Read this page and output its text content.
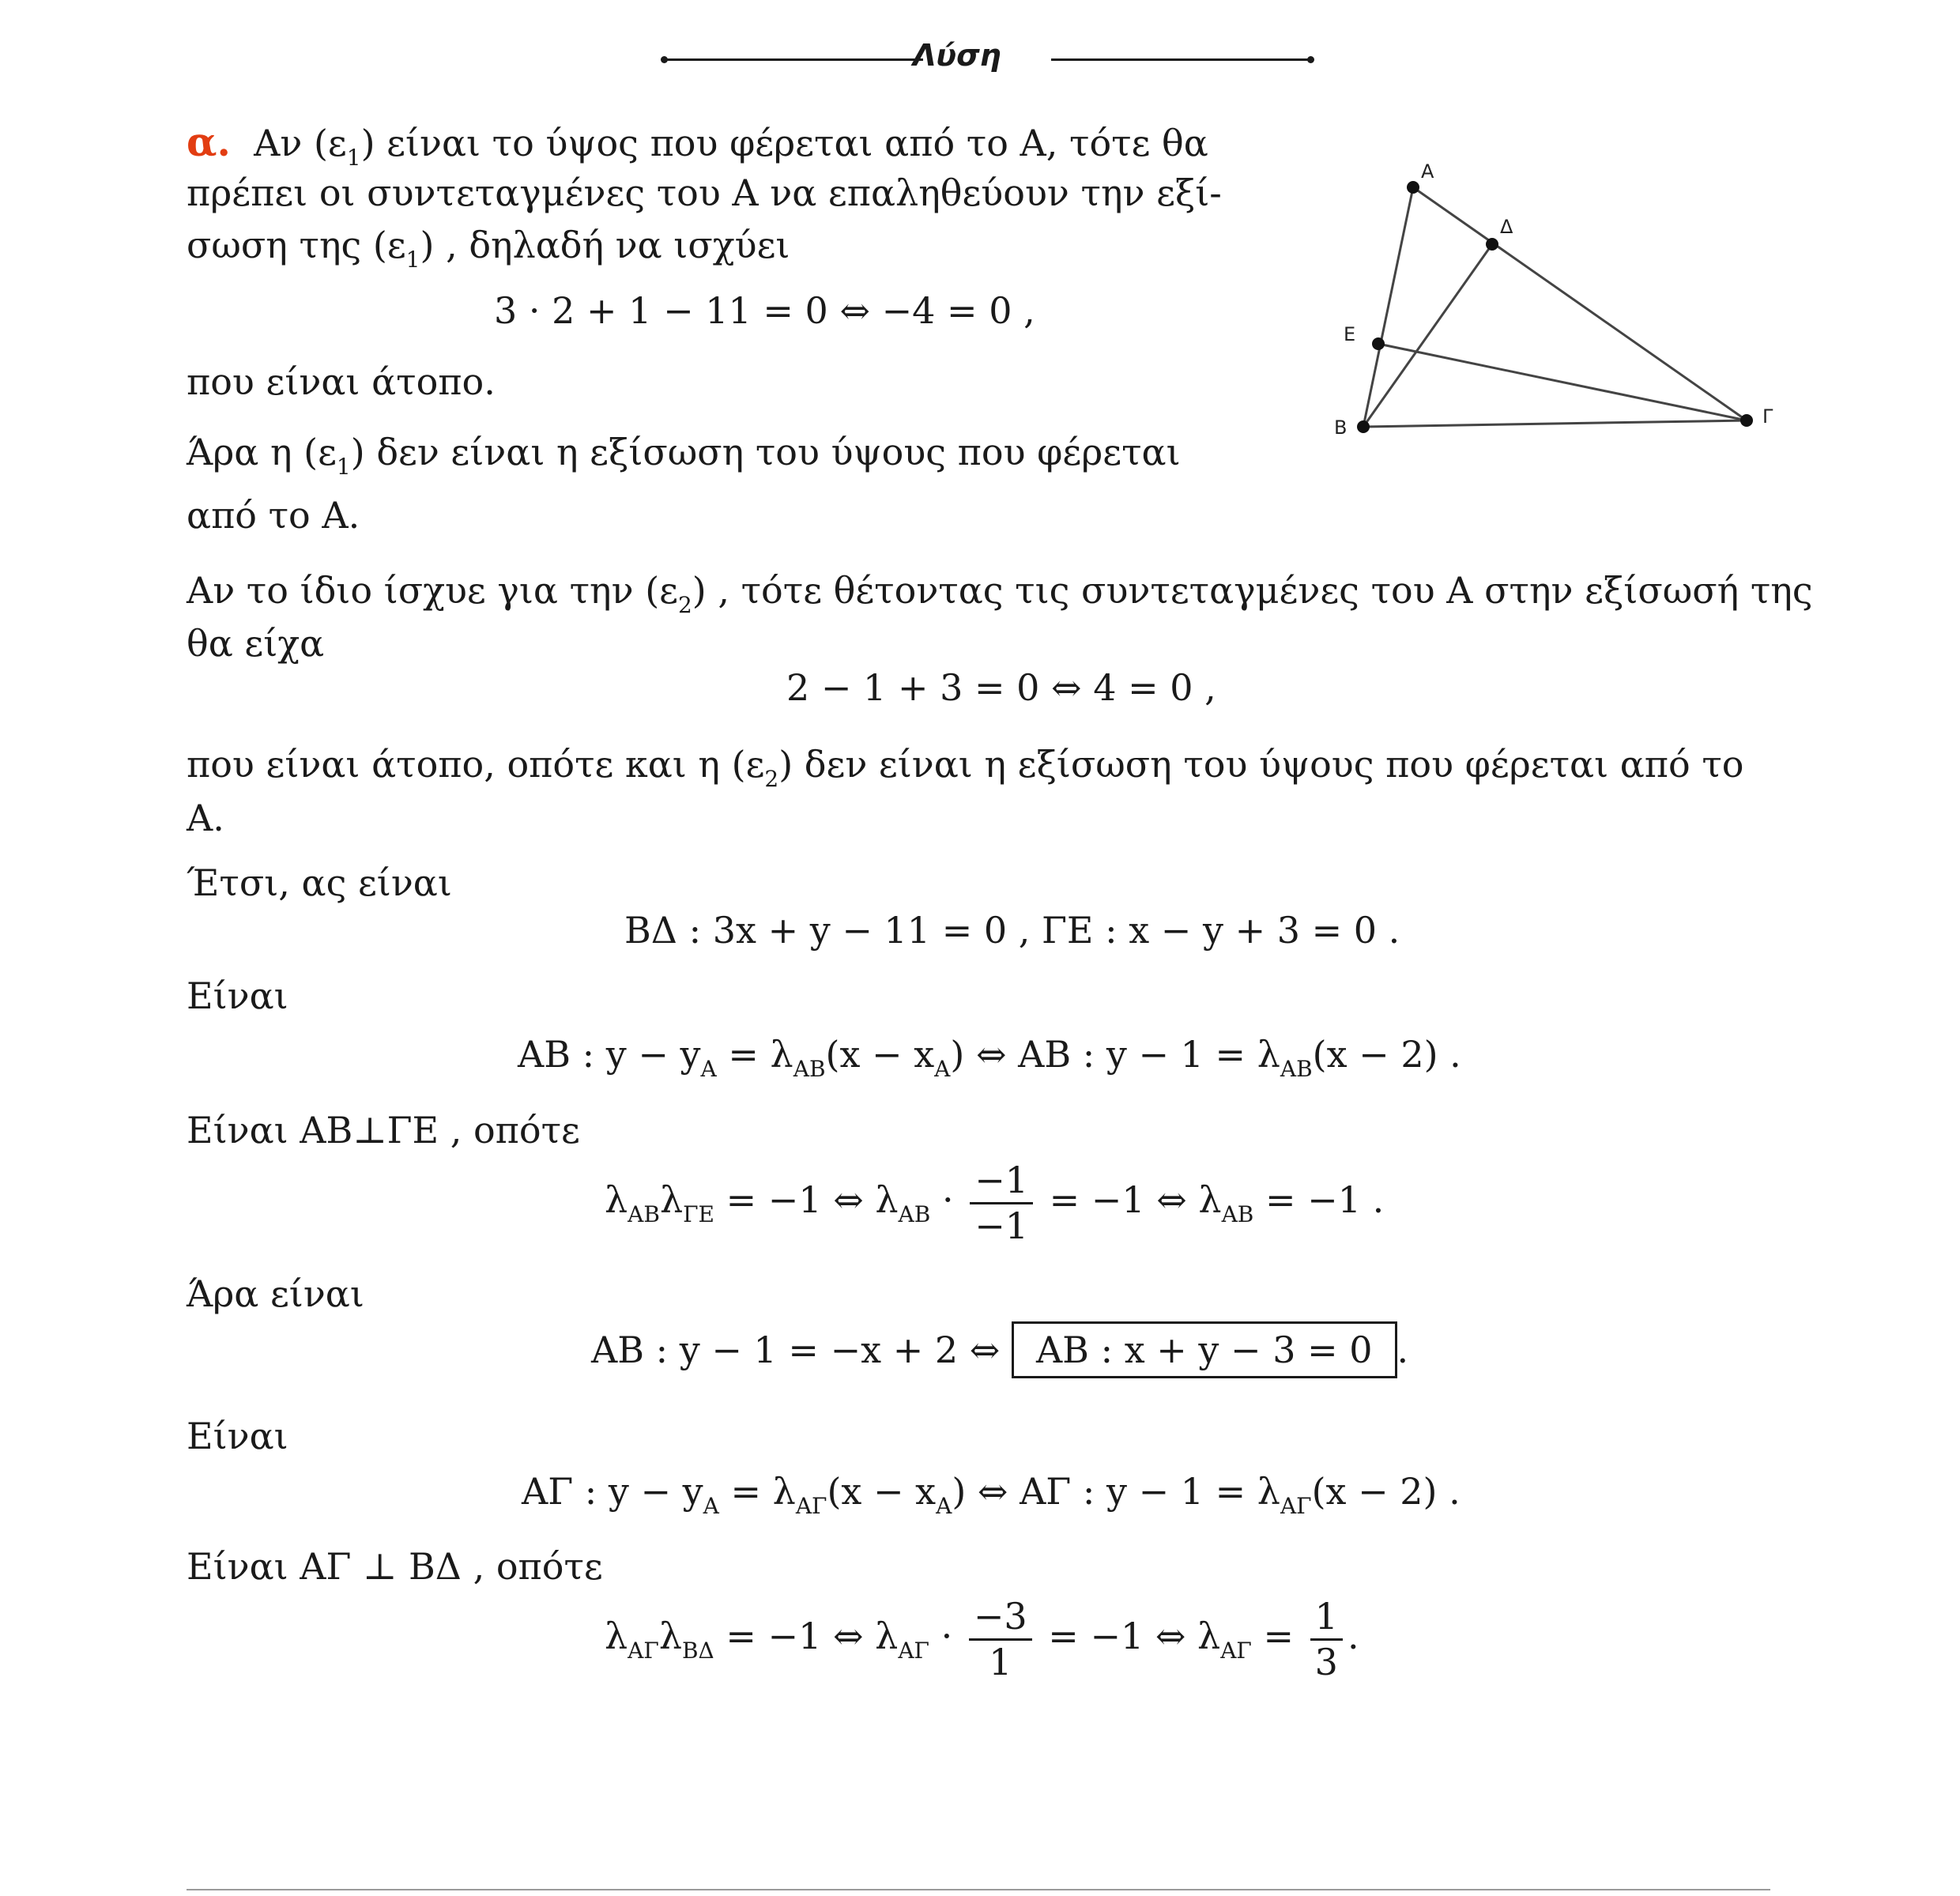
Λύση
α. Αν $(\varepsilon_1)$ είναι το ύψος που φέρεται από το Α, τότε θα
πρέπει οι συντεταγμένες του Α να επαληθεύουν την εξί-
σωση της $(\varepsilon_1)$ , δηλαδή να ισχύει
3 · 2 + 1 − 11 = 0 ⇔ −4 = 0 ,
που είναι άτοπο.
Άρα η $(\varepsilon_1)$ δεν είναι η εξίσωση του ύψους που φέρεται
από το Α.
Α
Δ
Ε
Β	Γ
Αν το ίδιο ίσχυε για την $(\varepsilon_2)$ , τότε θέτοντας τις συντεταγμένες του Α στην εξίσωσή της
θα είχα
2 − 1 + 3 = 0 ⇔ 4 = 0 ,
που είναι άτοπο, οπότε και η $(\varepsilon_2)$ δεν είναι η εξίσωση του ύψους που φέρεται από το
Α.
Έτσι, ας είναι
ΒΔ : 3x + y − 11 = 0 , ΓΕ : x − y + 3 = 0 .
Είναι
AB : $y - y_A = \lambda_{AB}(x - x_A)$ ⇔ AB : $y - 1 = \lambda_{AB}(x - 2)$ .
Είναι AB⊥ΓΕ , οπότε
$\lambda_{AB}\lambda_{\Gamma E} = -1$ ⇔ $\lambda_{AB} \cdot \frac{-1}{-1} = -1$ ⇔ $\lambda_{AB} = -1$ .
Άρα είναι
AB : y − 1 = −x + 2 ⇔ AB : x + y − 3 = 0 .
Είναι
ΑΓ : $y - y_A = \lambda_{A\Gamma}(x - x_A)$ ⇔ ΑΓ : $y - 1 = \lambda_{A\Gamma}(x - 2)$ .
Είναι ΑΓ ⊥ ΒΔ , οπότε
$\lambda_{A\Gamma}\lambda_{B\Delta} = -1$ ⇔ $\lambda_{A\Gamma} \cdot \frac{-3}{1} = -1$ ⇔ $\lambda_{A\Gamma} = \frac{1}{3}$ .
